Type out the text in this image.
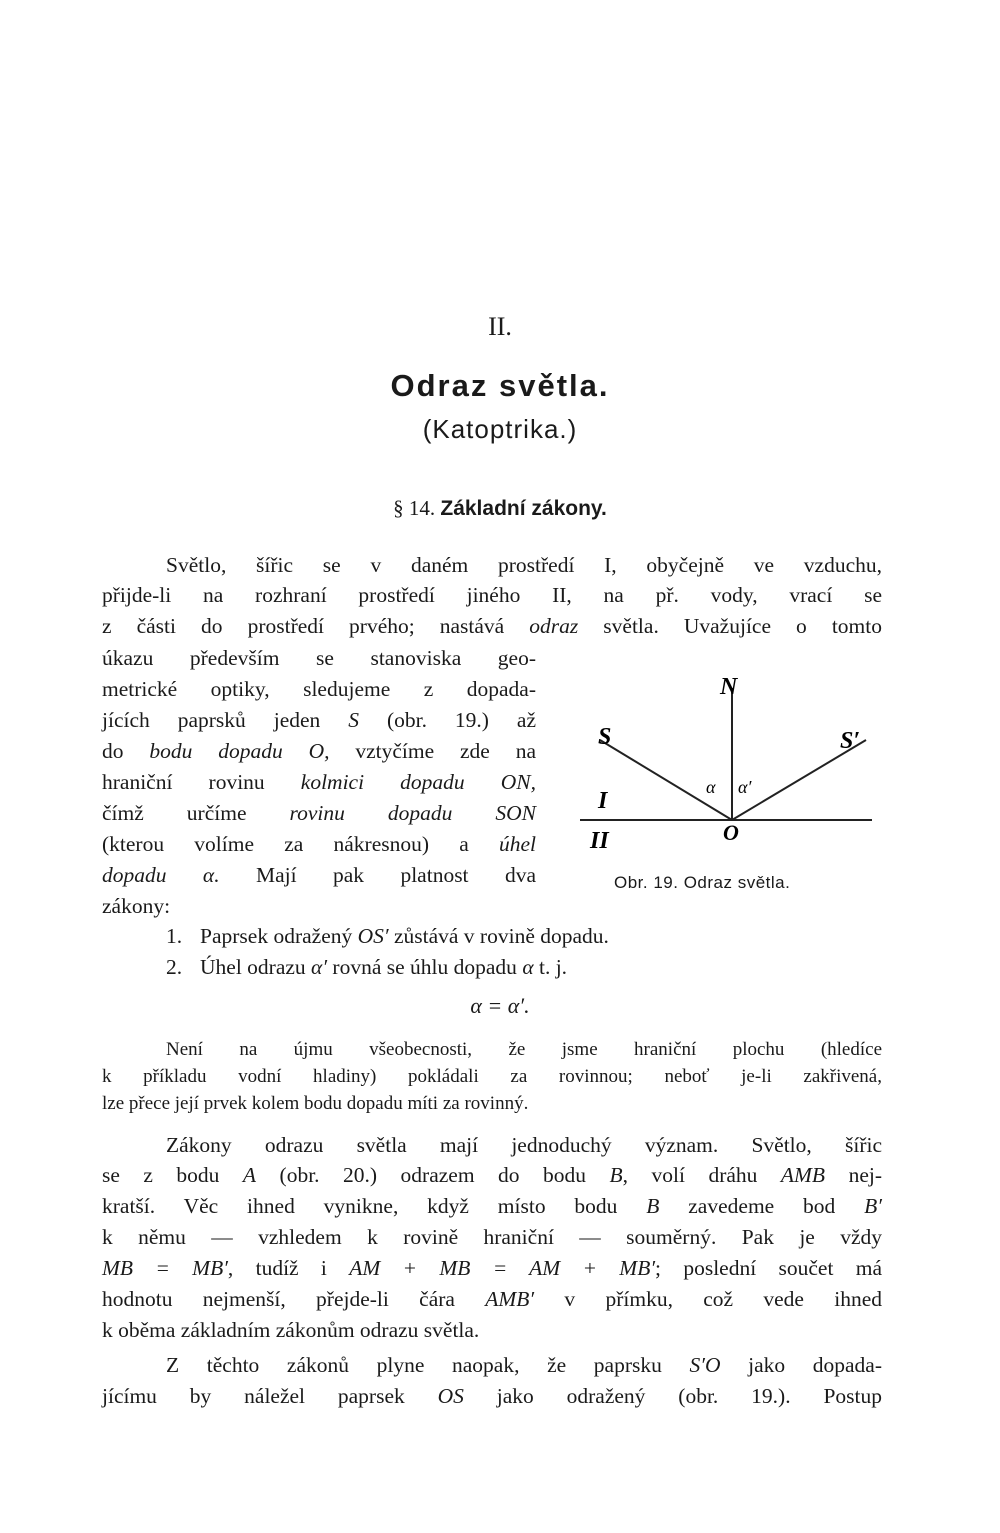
II.
Odraz světla.
(Katoptrika.)
§ 14. Základní zákony.
Světlo, šířic se v daném prostředí I, obyčejně ve vzduchu,
přijde-li na rozhraní prostředí jiného II, na př. vody, vrací se
z části do prostředí prvého; nastává odraz světla. Uvažujíce o tomto
úkazu především se stanoviska geo-
metrické optiky, sledujeme z dopada-
jících paprsků jeden S (obr. 19.) až
do bodu dopadu O, vztyčíme zde na
hraniční rovinu kolmici dopadu ON,
čímž určíme rovinu dopadu SON
(kterou volíme za nákresnou) a úhel
dopadu α. Mají pak platnost dva
zákony:
N
S	S′
I
II	O
α α′
Obr. 19. Odraz světla.
1. Paprsek odražený OS′ zůstává v rovině dopadu.
2. Úhel odrazu α′ rovná se úhlu dopadu α t. j.
α = α′.
Není na újmu všeobecnosti, že jsme hraniční plochu (hledíce
k příkladu vodní hladiny) pokládali za rovinnou; neboť je-li zakřivená,
lze přece její prvek kolem bodu dopadu míti za rovinný.
Zákony odrazu světla mají jednoduchý význam. Světlo, šířic
se z bodu A (obr. 20.) odrazem do bodu B, volí dráhu AMB nej-
kratší. Věc ihned vynikne, když místo bodu B zavedeme bod B′
k němu — vzhledem k rovině hraniční — souměrný. Pak je vždy
MB = MB′, tudíž i AM + MB = AM + MB′; poslední součet má
hodnotu nejmenší, přejde-li čára AMB′ v přímku, což vede ihned
k oběma základním zákonům odrazu světla.
Z těchto zákonů plyne naopak, že paprsku S′O jako dopada-
jícímu by náležel paprsek OS jako odražený (obr. 19.). Postup
